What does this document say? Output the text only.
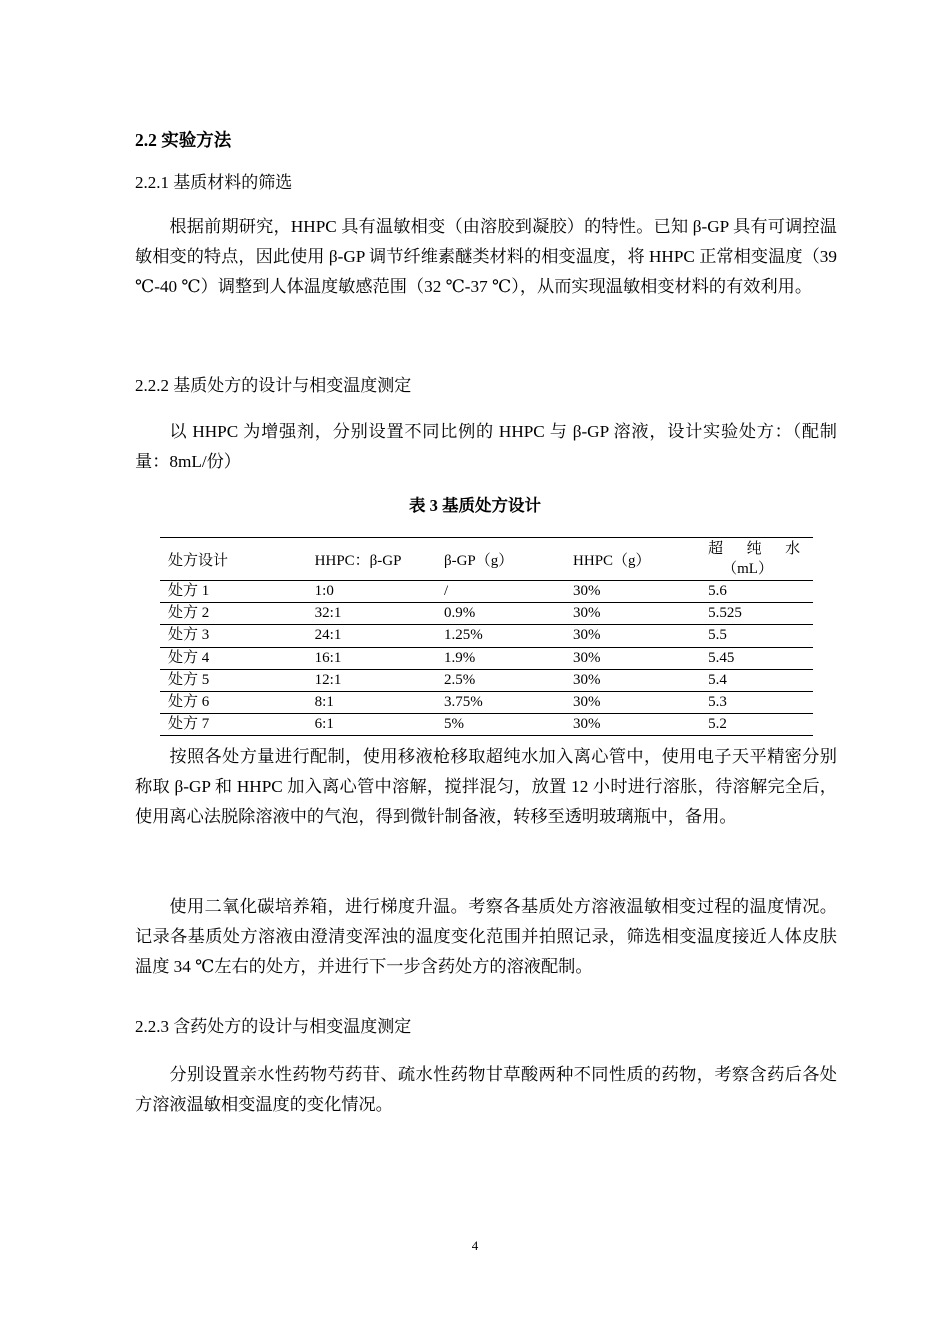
2.2 实验方法
2.2.1 基质材料的筛选
根据前期研究，HHPC 具有温敏相变（由溶胶到凝胶）的特性。已知 β-GP 具有可调控温敏相变的特点，因此使用 β-GP 调节纤维素醚类材料的相变温度，将 HHPC 正常相变温度（39 ℃-40 ℃）调整到人体温度敏感范围（32 ℃-37 ℃），从而实现温敏相变材料的有效利用。
2.2.2 基质处方的设计与相变温度测定
以 HHPC 为增强剂，分别设置不同比例的 HHPC 与 β-GP 溶液，设计实验处方：（配制量：8mL/份）
表 3 基质处方设计
处方设计	HHPC：β-GP	β-GP（g）	HHPC（g）	超纯水
（mL）

处方 1	1:0	/	30%	5.6
处方 2	32:1	0.9%	30%	5.525
处方 3	24:1	1.25%	30%	5.5
处方 4	16:1	1.9%	30%	5.45
处方 5	12:1	2.5%	30%	5.4
处方 6	8:1	3.75%	30%	5.3
处方 7	6:1	5%	30%	5.2
按照各处方量进行配制，使用移液枪移取超纯水加入离心管中，使用电子天平精密分别称取 β-GP 和 HHPC 加入离心管中溶解，搅拌混匀，放置 12 小时进行溶胀，待溶解完全后，使用离心法脱除溶液中的气泡，得到微针制备液，转移至透明玻璃瓶中，备用。
使用二氧化碳培养箱，进行梯度升温。考察各基质处方溶液温敏相变过程的温度情况。记录各基质处方溶液由澄清变浑浊的温度变化范围并拍照记录，筛选相变温度接近人体皮肤温度 34 ℃左右的处方，并进行下一步含药处方的溶液配制。
2.2.3 含药处方的设计与相变温度测定
分别设置亲水性药物芍药苷、疏水性药物甘草酸两种不同性质的药物，考察含药后各处方溶液温敏相变温度的变化情况。
4
